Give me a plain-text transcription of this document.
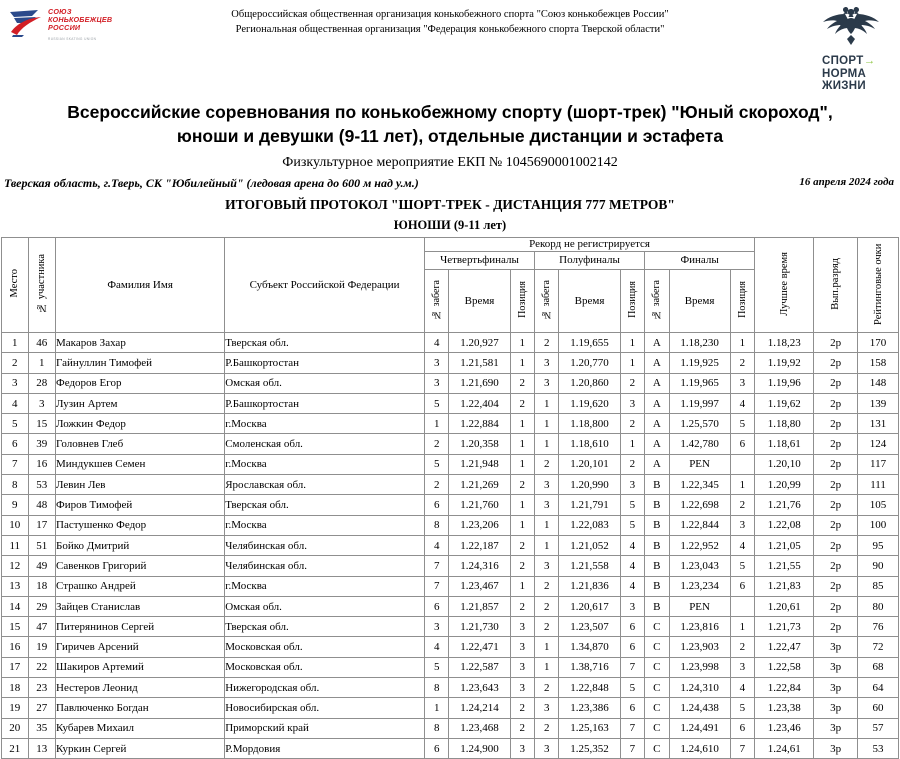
СОЮЗ
КОНЬКОБЕЖЦЕВ
РОССИИ
RUSSIAN SKATING UNION
Общероссийская общественная организация конькобежного спорта "Союз конькобежцев России"
Региональная общественная организация "Федерация конькобежного спорта Тверской области"
СПОРТ→
НОРМА
ЖИЗНИ
Всероссийские соревнования по конькобежному спорту (шорт-трек) "Юный скороход",
юноши и девушки (9-11 лет), отдельные дистанции и эстафета
Физкультурное мероприятие ЕКП № 1045690001002142
Тверская область, г.Тверь, СК "Юбилейный" (ледовая арена до 600 м над у.м.)	16 апреля 2024 года
ИТОГОВЫЙ ПРОТОКОЛ "ШОРТ-ТРЕК - ДИСТАНЦИЯ 777 МЕТРОВ"
ЮНОШИ (9-11 лет)
Место	№ участника	Фамилия Имя	Субъект Российской Федерации	Рекорд не регистрируется									Лучшее время	Вып.разряд	Рейтинговые очки
				Четвертьфиналы			Полуфиналы			Финалы					
				№ забега	Время	Позиция	№ забега	Время	Позиция	№ забега	Время	Позиция			
1	46	Макаров Захар	Тверская обл.	4	1.20,927	1	2	1.19,655	1	A	1.18,230	1	1.18,23	2р	170
2	1	Гайнуллин Тимофей	Р.Башкортостан	3	1.21,581	1	3	1.20,770	1	A	1.19,925	2	1.19,92	2р	158
3	28	Федоров Егор	Омская обл.	3	1.21,690	2	3	1.20,860	2	A	1.19,965	3	1.19,96	2р	148
4	3	Лузин Артем	Р.Башкортостан	5	1.22,404	2	1	1.19,620	3	A	1.19,997	4	1.19,62	2р	139
5	15	Ложкин Федор	г.Москва	1	1.22,884	1	1	1.18,800	2	A	1.25,570	5	1.18,80	2р	131
6	39	Головнев Глеб	Смоленская обл.	2	1.20,358	1	1	1.18,610	1	A	1.42,780	6	1.18,61	2р	124
7	16	Миндукшев Семен	г.Москва	5	1.21,948	1	2	1.20,101	2	A	PEN		1.20,10	2р	117
8	53	Левин Лев	Ярославская обл.	2	1.21,269	2	3	1.20,990	3	B	1.22,345	1	1.20,99	2р	111
9	48	Фиров Тимофей	Тверская обл.	6	1.21,760	1	3	1.21,791	5	B	1.22,698	2	1.21,76	2р	105
10	17	Пастушенко Федор	г.Москва	8	1.23,206	1	1	1.22,083	5	B	1.22,844	3	1.22,08	2р	100
11	51	Бойко Дмитрий	Челябинская обл.	4	1.22,187	2	1	1.21,052	4	B	1.22,952	4	1.21,05	2р	95
12	49	Савенков Григорий	Челябинская обл.	7	1.24,316	2	3	1.21,558	4	B	1.23,043	5	1.21,55	2р	90
13	18	Страшко Андрей	г.Москва	7	1.23,467	1	2	1.21,836	4	B	1.23,234	6	1.21,83	2р	85
14	29	Зайцев Станислав	Омская обл.	6	1.21,857	2	2	1.20,617	3	B	PEN		1.20,61	2р	80
15	47	Питерянинов Сергей	Тверская обл.	3	1.21,730	3	2	1.23,507	6	C	1.23,816	1	1.21,73	2р	76
16	19	Гиричев Арсений	Московская обл.	4	1.22,471	3	1	1.34,870	6	C	1.23,903	2	1.22,47	3р	72
17	22	Шакиров Артемий	Московская обл.	5	1.22,587	3	1	1.38,716	7	C	1.23,998	3	1.22,58	3р	68
18	23	Нестеров Леонид	Нижегородская обл.	8	1.23,643	3	2	1.22,848	5	C	1.24,310	4	1.22,84	3р	64
19	27	Павлюченко Богдан	Новосибирская обл.	1	1.24,214	2	3	1.23,386	6	C	1.24,438	5	1.23,38	3р	60
20	35	Кубарев Михаил	Приморский край	8	1.23,468	2	2	1.25,163	7	C	1.24,491	6	1.23,46	3р	57
21	13	Куркин Сергей	Р.Мордовия	6	1.24,900	3	3	1.25,352	7	C	1.24,610	7	1.24,61	3р	53
